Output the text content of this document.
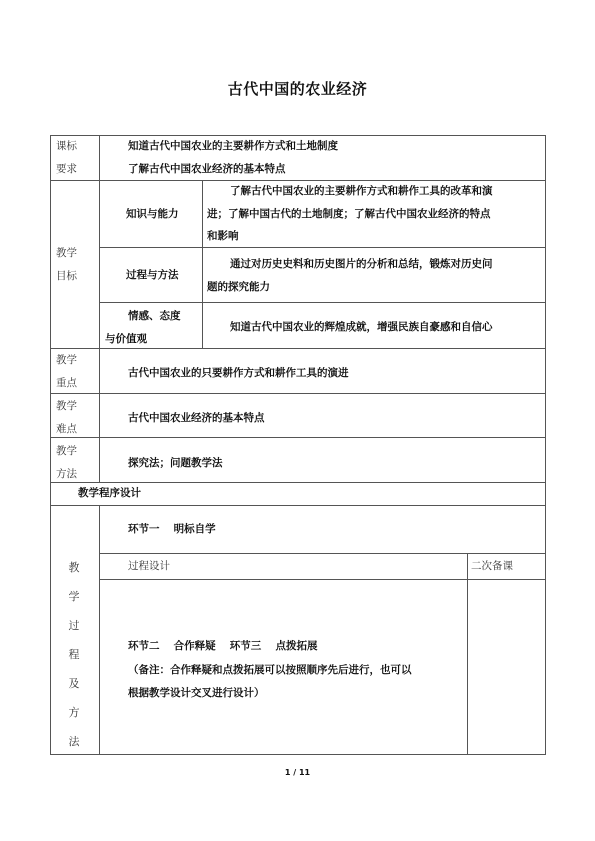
古代中国的农业经济
课标
要求
知道古代中国农业的主要耕作方式和土地制度
了解古代中国农业经济的基本特点
教学
目标
知识与能力
了解古代中国农业的主要耕作方式和耕作工具的改革和演
进；了解中国古代的土地制度；了解古代中国农业经济的特点
和影响
过程与方法
通过对历史史料和历史图片的分析和总结，锻炼对历史问
题的探究能力
情感、态度
与价值观
知道古代中国农业的辉煌成就，增强民族自豪感和自信心
教学
重点
古代中国农业的只要耕作方式和耕作工具的演进
教学
难点
古代中国农业经济的基本特点
教学
方法
探究法；问题教学法
教学程序设计
教
学
过
程
及
方
法
环节一　 明标自学
过程设计	二次备课
环节二　 合作释疑　 环节三　 点拨拓展
（备注：合作释疑和点拨拓展可以按照顺序先后进行，也可以
根据教学设计交叉进行设计）
1 / 11
